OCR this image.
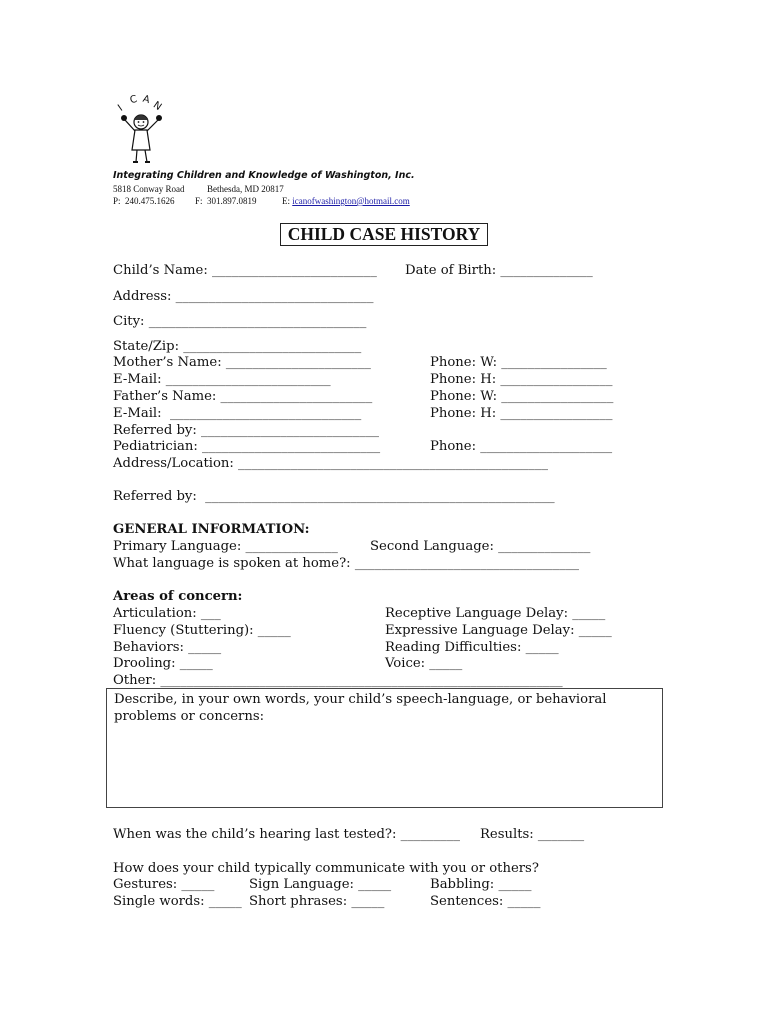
I
C A N
Integrating Children and Knowledge of Washington, Inc.
5818 Conway Road	Bethesda, MD 20817
P:  240.475.1626 F:  301.897.0819	E: icanofwashington@hotmail.com
CHILD CASE HISTORY
Child’s Name: _________________________ Date of Birth: ______________
Address: ______________________________
City: _________________________________
State/Zip: ___________________________
Mother’s Name: ______________________	Phone: W: ________________
E-Mail: _________________________	Phone: H: _________________
Father’s Name: _______________________	Phone: W: _________________
E-Mail:  _____________________________	Phone: H: _________________
Referred by: ___________________________
Pediatrician: ___________________________	Phone: ____________________
Address/Location: _______________________________________________
Referred by:  _____________________________________________________
GENERAL INFORMATION:
Primary Language: ______________ Second Language: ______________
What language is spoken at home?: __________________________________
Areas of concern:
Articulation: ___	Receptive Language Delay: _____
Fluency (Stuttering): _____	Expressive Language Delay: _____
Behaviors: _____	Reading Difficulties: _____
Drooling: _____	Voice: _____
Other: _____________________________________________________________

Describe, in your own words, your child’s speech-language, or behavioral problems or concerns:

When was the child’s hearing last tested?: _________ Results: _______
How does your child typically communicate with you or others?
Gestures: _____	Sign Language: _____	Babbling: _____
Single words: _____ Short phrases: _____	Sentences: _____
